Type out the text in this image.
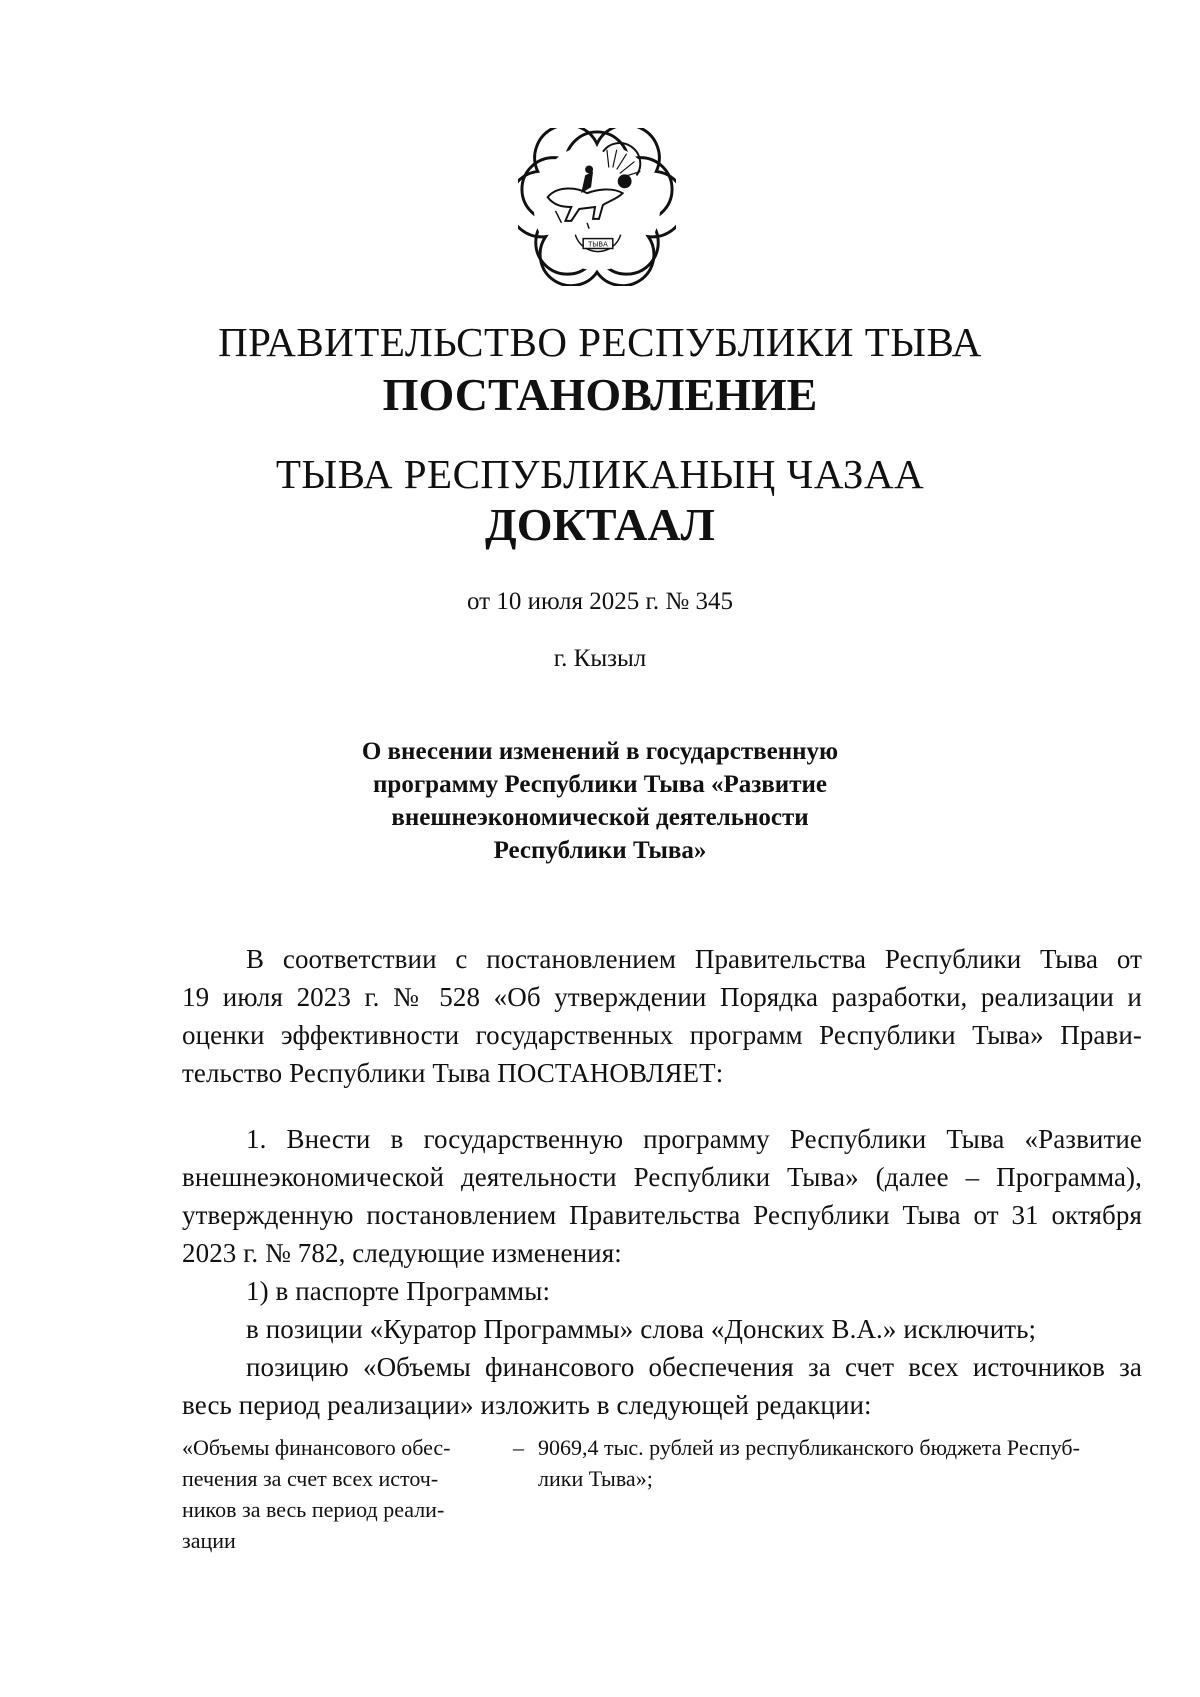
ТЫВА
ПРАВИТЕЛЬСТВО РЕСПУБЛИКИ ТЫВА
ПОСТАНОВЛЕНИЕ
ТЫВА РЕСПУБЛИКАНЫҢ ЧАЗАА
ДОКТААЛ
от 10 июля 2025 г. № 345
г. Кызыл
О внесении изменений в государственную
программу Республики Тыва «Развитие
внешнеэкономической деятельности
Республики Тыва»
В соответствии с постановлением Правительства Республики Тыва от
19 июля 2023 г. № 528 «Об утверждении Порядка разработки, реализации и
оценки эффективности государственных программ Республики Тыва» Прави-
тельство Республики Тыва ПОСТАНОВЛЯЕТ:
1. Внести в государственную программу Республики Тыва «Развитие
внешнеэкономической деятельности Республики Тыва» (далее – Программа),
утвержденную постановлением Правительства Республики Тыва от 31 октября
2023 г. № 782, следующие изменения:
1) в паспорте Программы:
в позиции «Куратор Программы» слова «Донских В.А.» исключить;
позицию «Объемы финансового обеспечения за счет всех источников за
весь период реализации» изложить в следующей редакции:
«Объемы финансового обес-
печения за счет всех источ-
ников за весь период реали-
зации
– 9069,4 тыс. рублей из республиканского бюджета Респуб-
лики Тыва»;
